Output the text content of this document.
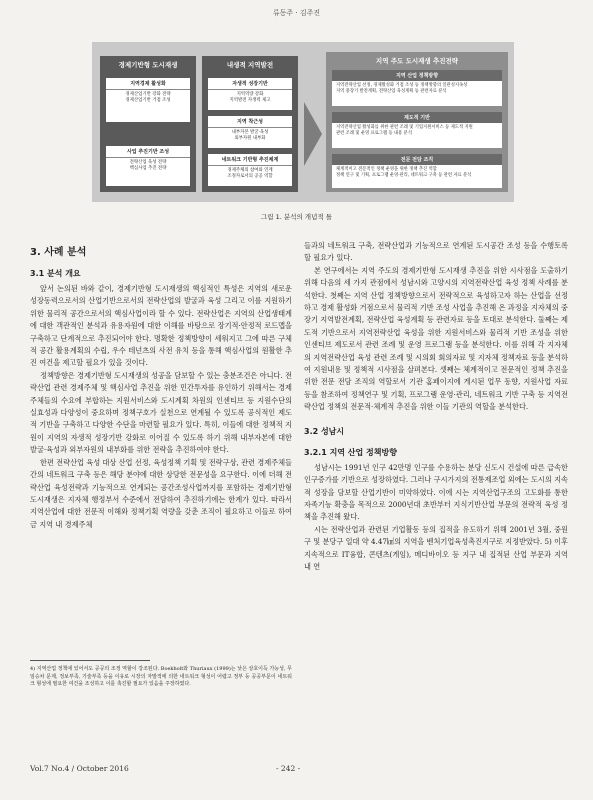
류동주 · 김주진
경제기반형 도시재생
지역경제 활성화
경제산업기반 강화 전략
경제산업기반 거점 조성
사업 추진기반 조성
전략산업 육성 전략
핵심사업 추진 전략
내생적 지역발전
자생적 성장기반
지역역량 강화
지역발전 자생력 제고
지역 착근성
내부자본 발굴·육성
외부자원 내부화
네트워크 기반형 추진체계
경제주체의 참여와 연계
조정자로서의 공공 역할
지역 주도 도시재생 추진전략
지역 산업 정책방향
지역전략산업 선정, 경제활성화 거점 조성 등 정책방향의 일관성지속성
지역 중장기 발전계획, 전략산업 육성계획 등 관련자료 분석
제도적 기반
지역전략산업 활성화를 위한 관련 조례 및 기업지원서비스 등 제도적 지원
관련 조례 및 운영 프로그램 등 내용 분석
전문 전담 조직
체계적이고 전문적인 정책 운영을 위한 정책 추진 역할
정책 연구 및 기획, 프로그램 운영·관리, 네트워크 구축 등 관련 자료 분석
그림 1. 분석의 개념적 틀
3. 사례 분석
3.1 분석 개요

앞서 논의된 바와 같이, 경제기반형 도시재생의 핵심적인 특성은 지역의 새로운 성장동력으로서의 산업기반으로서의 전략산업의 발굴과 육성 그리고 이를 지원하기 위한 물리적 공간으로서의 핵심사업이라 할 수 있다. 전략산업은 지역의 산업생태계에 대한 객관적인 분석과 유용자원에 대한 이해를 바탕으로 장기적·안정적 로드맵을 구축하고 단계적으로 추진되어야 한다. 명확한 정책방향이 세워지고 그에 따른 구체적 공간 활용계획의 수립, 우수 테넌츠의 사전 유치 등을 통해 핵심사업의 원활한 추진 여건을 제고할 필요가 있을 것이다.

정책방향은 경제기반형 도시재생의 성공을 담보할 수 있는 충분조건은 아니다. 전략산업 관련 경제주체 및 핵심사업 추진을 위한 민간투자를 유인하기 위해서는 경제주체들의 수요에 부합하는 지원서비스와 도시계획 차원의 인센티브 등 지원수단의 실효성과 다양성이 중요하며 정책구호가 실천으로 연계될 수 있도록 공식적인 제도적 기반을 구축하고 다양한 수단을 마련할 필요가 있다. 특히, 이들에 대한 정책적 지원이 지역의 자생적 성장기반 강화로 이어질 수 있도록 하기 위해 내부자본에 대한 발굴·육성과 외부자원의 내부화를 위한 전략을 추진하여야 한다.

한편 전략산업 육성 대상 산업 선정, 육성정책 기획 및 전략구상, 관련 경제주체들 간의 네트워크 구축 등은 해당 분야에 대한 상당한 전문성을 요구한다. 이에 더해 전략산업 육성전략과 기능적으로 연계되는 공간조성사업까지를 포함하는 경제기반형 도시재생은 지자체 행정부서 수준에서 전담하여 추진하기에는 한계가 있다. 따라서 지역산업에 대한 전문적 이해와 정책기획 역량을 갖춘 조직이 필요하고 이들로 하여금 지역 내 경제주체

4) 지역산업 정책에 있어서도 공공의 조정 역할이 강조된다. Boekholt와 Thuriaux (1999)는 낮은 상호이득 가능성, 무임승차 문제, 정보부족, 기술부족 등을 이유로 시장의 자발적에 의한 네트워크 형성이 어렵고 정부 등 공공부문이 네트워크 형성에 필요한 여건을 조성하고 이를 촉진할 필요가 있음을 주장하였다.

들과의 네트워크 구축, 전략산업과 기능적으로 연계된 도시공간 조성 등을 수행토록 할 필요가 있다.

본 연구에서는 지역 주도의 경제기반형 도시재생 추진을 위한 시사점을 도출하기 위해 다음의 세 가지 관점에서 성남시와 고양시의 지역전략산업 육성 정책 사례를 분석한다. 첫째는 지역 산업 정책방향으로서 전략적으로 육성하고자 하는 산업을 선정하고 경제 활성화 거점으로서 물리적 기반 조성 사업을 추진해 온 과정을 지자체의 중장기 지역발전계획, 전략산업 육성계획 등 관련자료 등을 토대로 분석한다. 둘째는 제도적 기반으로서 지역전략산업 육성을 위한 지원서비스와 물리적 기반 조성을 위한 인센티브 제도로서 관련 조례 및 운영 프로그램 등을 분석한다. 이를 위해 각 지자체의 지역전략산업 육성 관련 조례 및 시의회 회의자료 및 지자체 정책자료 등을 분석하여 지원내용 및 정책적 시사점을 살펴본다. 셋째는 체계적이고 전문적인 정책 추진을 위한 전문 전담 조직의 역할로서 기관 홈페이지에 게시된 업무 동향, 지원사업 자료 등을 참조하여 정책연구 및 기획, 프로그램 운영·관리, 네트워크 기반 구축 등 지역전략산업 정책의 전문적·체계적 추진을 위한 이들 기관의 역할을 분석한다.

3.2 성남시
3.2.1 지역 산업 정책방향

성남시는 1991년 인구 42만명 인구를 수용하는 분당 신도시 건설에 따른 급속한 인구증가를 기반으로 성장하였다. 그러나 구시가지의 전통제조업 외에는 도시의 지속적 성장을 담보할 산업기반이 미약하였다. 이에 시는 지역산업구조의 고도화를 통한 자족기능 확충을 목적으로 2000년대 초반부터 지식기반산업 부문의 전략적 육성 정책을 추진해 왔다.

시는 전략산업과 관련된 기업활동 등의 집적을 유도하기 위해 2001년 3월, 중원구 및 분당구 일대 약 4.47㎢의 지역을 벤처기업육성촉진지구로 지정받았다. 5) 이후 지속적으로 IT융합, 콘텐츠(게임), 메디바이오 등 지구 내 집적된 산업 부문과 지역 내 연

Vol.7 No.4 / October 2016	- 242 -
